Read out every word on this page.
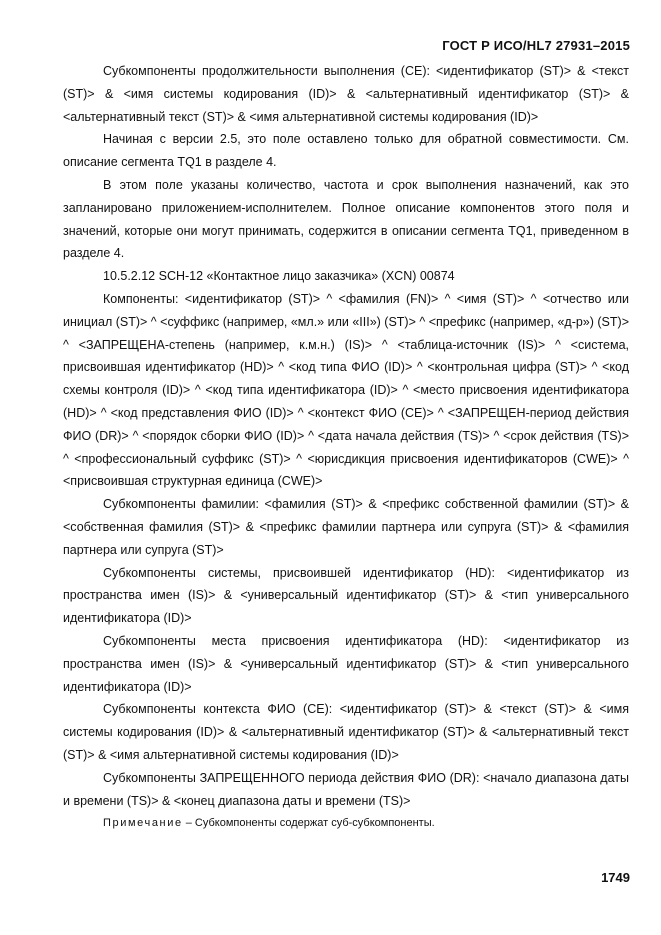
ГОСТ Р ИСО/HL7 27931–2015

Субкомпоненты продолжительности выполнения (CE): <идентификатор (ST)> & <текст (ST)> & <имя системы кодирования (ID)> & <альтернативный идентификатор (ST)> & <альтернативный текст (ST)> & <имя альтернативной системы кодирования (ID)>

Начиная с версии 2.5, это поле оставлено только для обратной совместимости. См. описание сегмента TQ1 в разделе 4.

В этом поле указаны количество, частота и срок выполнения назначений, как это запланировано приложением-исполнителем. Полное описание компонентов этого поля и значений, которые они могут принимать, содержится в описании сегмента TQ1, приведенном в разделе 4.

10.5.2.12 SCH-12 «Контактное лицо заказчика» (XCN) 00874

Компоненты: <идентификатор (ST)> ^ <фамилия (FN)> ^ <имя (ST)> ^ <отчество или инициал (ST)> ^ <суффикс (например, «мл.» или «III») (ST)> ^ <префикс (например, «д-р») (ST)> ^ <ЗАПРЕЩЕНА-степень (например, к.м.н.) (IS)> ^ <таблица-источник (IS)> ^ <система, присвоившая идентификатор (HD)> ^ <код типа ФИО (ID)> ^ <контрольная цифра (ST)> ^ <код схемы контроля (ID)> ^ <код типа идентификатора (ID)> ^ <место присвоения идентификатора (HD)> ^ <код представления ФИО (ID)> ^ <контекст ФИО (CE)> ^ <ЗАПРЕЩЕН-период действия ФИО (DR)> ^ <порядок сборки ФИО (ID)> ^ <дата начала действия (TS)> ^ <срок действия (TS)> ^ <профессиональный суффикс (ST)> ^ <юрисдикция присвоения идентификаторов (CWE)> ^ <присвоившая структурная единица (CWE)>

Субкомпоненты фамилии: <фамилия (ST)> & <префикс собственной фамилии (ST)> & <собственная фамилия (ST)> & <префикс фамилии партнера или супруга (ST)> & <фамилия партнера или супруга (ST)>

Субкомпоненты системы, присвоившей идентификатор (HD): <идентификатор из пространства имен (IS)> & <универсальный идентификатор (ST)> & <тип универсального идентификатора (ID)>

Субкомпоненты места присвоения идентификатора (HD): <идентификатор из пространства имен (IS)> & <универсальный идентификатор (ST)> & <тип универсального идентификатора (ID)>

Субкомпоненты контекста ФИО (CE): <идентификатор (ST)> & <текст (ST)> & <имя системы кодирования (ID)> & <альтернативный идентификатор (ST)> & <альтернативный текст (ST)> & <имя альтернативной системы кодирования (ID)>

Субкомпоненты ЗАПРЕЩЕННОГО периода действия ФИО (DR): <начало диапазона даты и времени (TS)> & <конец диапазона даты и времени (TS)>

Примечание – Субкомпоненты содержат суб-субкомпоненты.

1749
